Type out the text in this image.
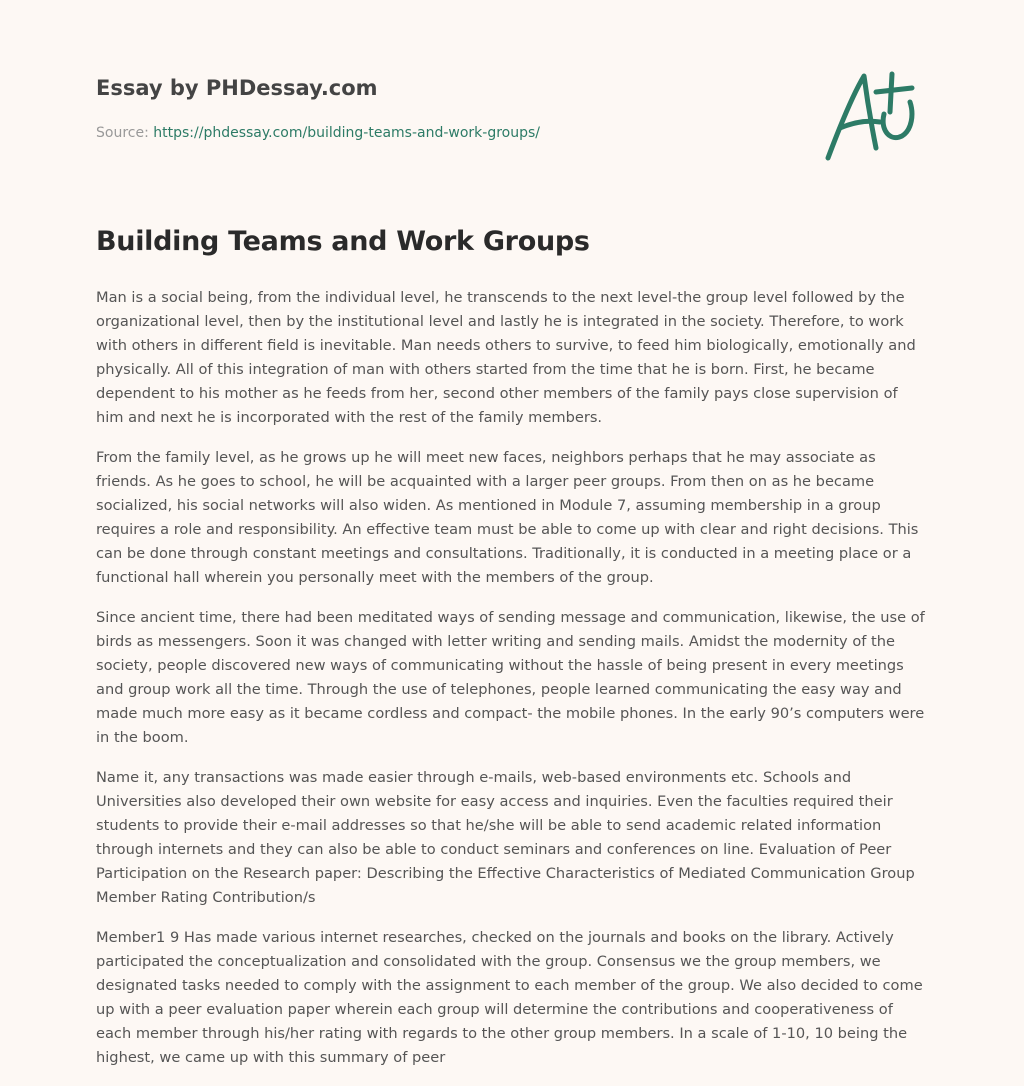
Essay by PHDessay.com
Source: https://phdessay.com/building-teams-and-work-groups/
Building Teams and Work Groups

Man is a social being, from the individual level, he transcends to the next level-the group level followed by the organizational level, then by the institutional level and lastly he is integrated in the society. Therefore, to work with others in different field is inevitable. Man needs others to survive, to feed him biologically, emotionally and physically. All of this integration of man with others started from the time that he is born. First, he became dependent to his mother as he feeds from her, second other members of the family pays close supervision of him and next he is incorporated with the rest of the family members.

From the family level, as he grows up he will meet new faces, neighbors perhaps that he may associate as friends. As he goes to school, he will be acquainted with a larger peer groups. From then on as he became socialized, his social networks will also widen. As mentioned in Module 7, assuming membership in a group requires a role and responsibility. An effective team must be able to come up with clear and right decisions. This can be done through constant meetings and consultations. Traditionally, it is conducted in a meeting place or a functional hall wherein you personally meet with the members of the group.

Since ancient time, there had been meditated ways of sending message and communication, likewise, the use of birds as messengers. Soon it was changed with letter writing and sending mails. Amidst the modernity of the society, people discovered new ways of communicating without the hassle of being present in every meetings and group work all the time. Through the use of telephones, people learned communicating the easy way and made much more easy as it became cordless and compact- the mobile phones. In the early 90’s computers were in the boom.

Name it, any transactions was made easier through e-mails, web-based environments etc. Schools and Universities also developed their own website for easy access and inquiries. Even the faculties required their students to provide their e-mail addresses so that he/she will be able to send academic related information through internets and they can also be able to conduct seminars and conferences on line. Evaluation of Peer Participation on the Research paper: Describing the Effective Characteristics of Mediated Communication Group Member Rating Contribution/s

Member1 9 Has made various internet researches, checked on the journals and books on the library. Actively participated the conceptualization and consolidated with the group. Consensus we the group members, we designated tasks needed to comply with the assignment to each member of the group. We also decided to come up with a peer evaluation paper wherein each group will determine the contributions and cooperativeness of each member through his/her rating with regards to the other group members. In a scale of 1-10, 10 being the highest, we came up with this summary of peer
